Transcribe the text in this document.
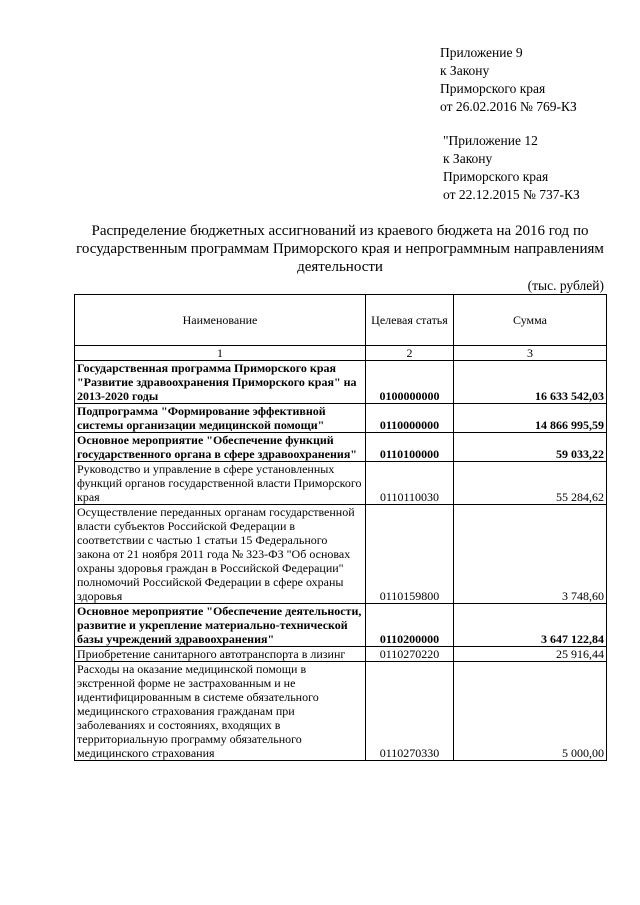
Приложение 9
к Закону
Приморского края
от 26.02.2016 № 769-КЗ
"Приложение 12
к Закону
Приморского края
от 22.12.2015 № 737-КЗ
Распределение бюджетных ассигнований из краевого бюджета на 2016 год по государственным программам Приморского края и непрограммным направлениям деятельности
(тыс. рублей)
Наименование	Целевая статья	Сумма
1	2	3
Государственная программа Приморского края "Развитие здравоохранения Приморского края" на 2013-2020 годы	0100000000	16 633 542,03
Подпрограмма "Формирование эффективной системы организации медицинской помощи"	0110000000	14 866 995,59
Основное мероприятие "Обеспечение функций государственного органа в сфере здравоохранения"	0110100000	59 033,22
Руководство и управление в сфере установленных функций органов государственной власти Приморского края	0110110030	55 284,62
Осуществление переданных органам государственной власти субъектов Российской Федерации в соответствии с частью 1 статьи 15 Федерального закона от 21 ноября 2011 года № 323-ФЗ "Об основах охраны здоровья граждан в Российской Федерации" полномочий Российской Федерации в сфере охраны здоровья	0110159800	3 748,60
Основное мероприятие "Обеспечение деятельности, развитие и укрепление материально-технической базы учреждений здравоохранения"	0110200000	3 647 122,84
Приобретение санитарного автотранспорта в лизинг	0110270220	25 916,44
Расходы на оказание медицинской помощи в экстренной форме не застрахованным и не идентифицированным в системе обязательного медицинского страхования гражданам при заболеваниях и состояниях, входящих в территориальную программу обязательного медицинского страхования	0110270330	5 000,00
